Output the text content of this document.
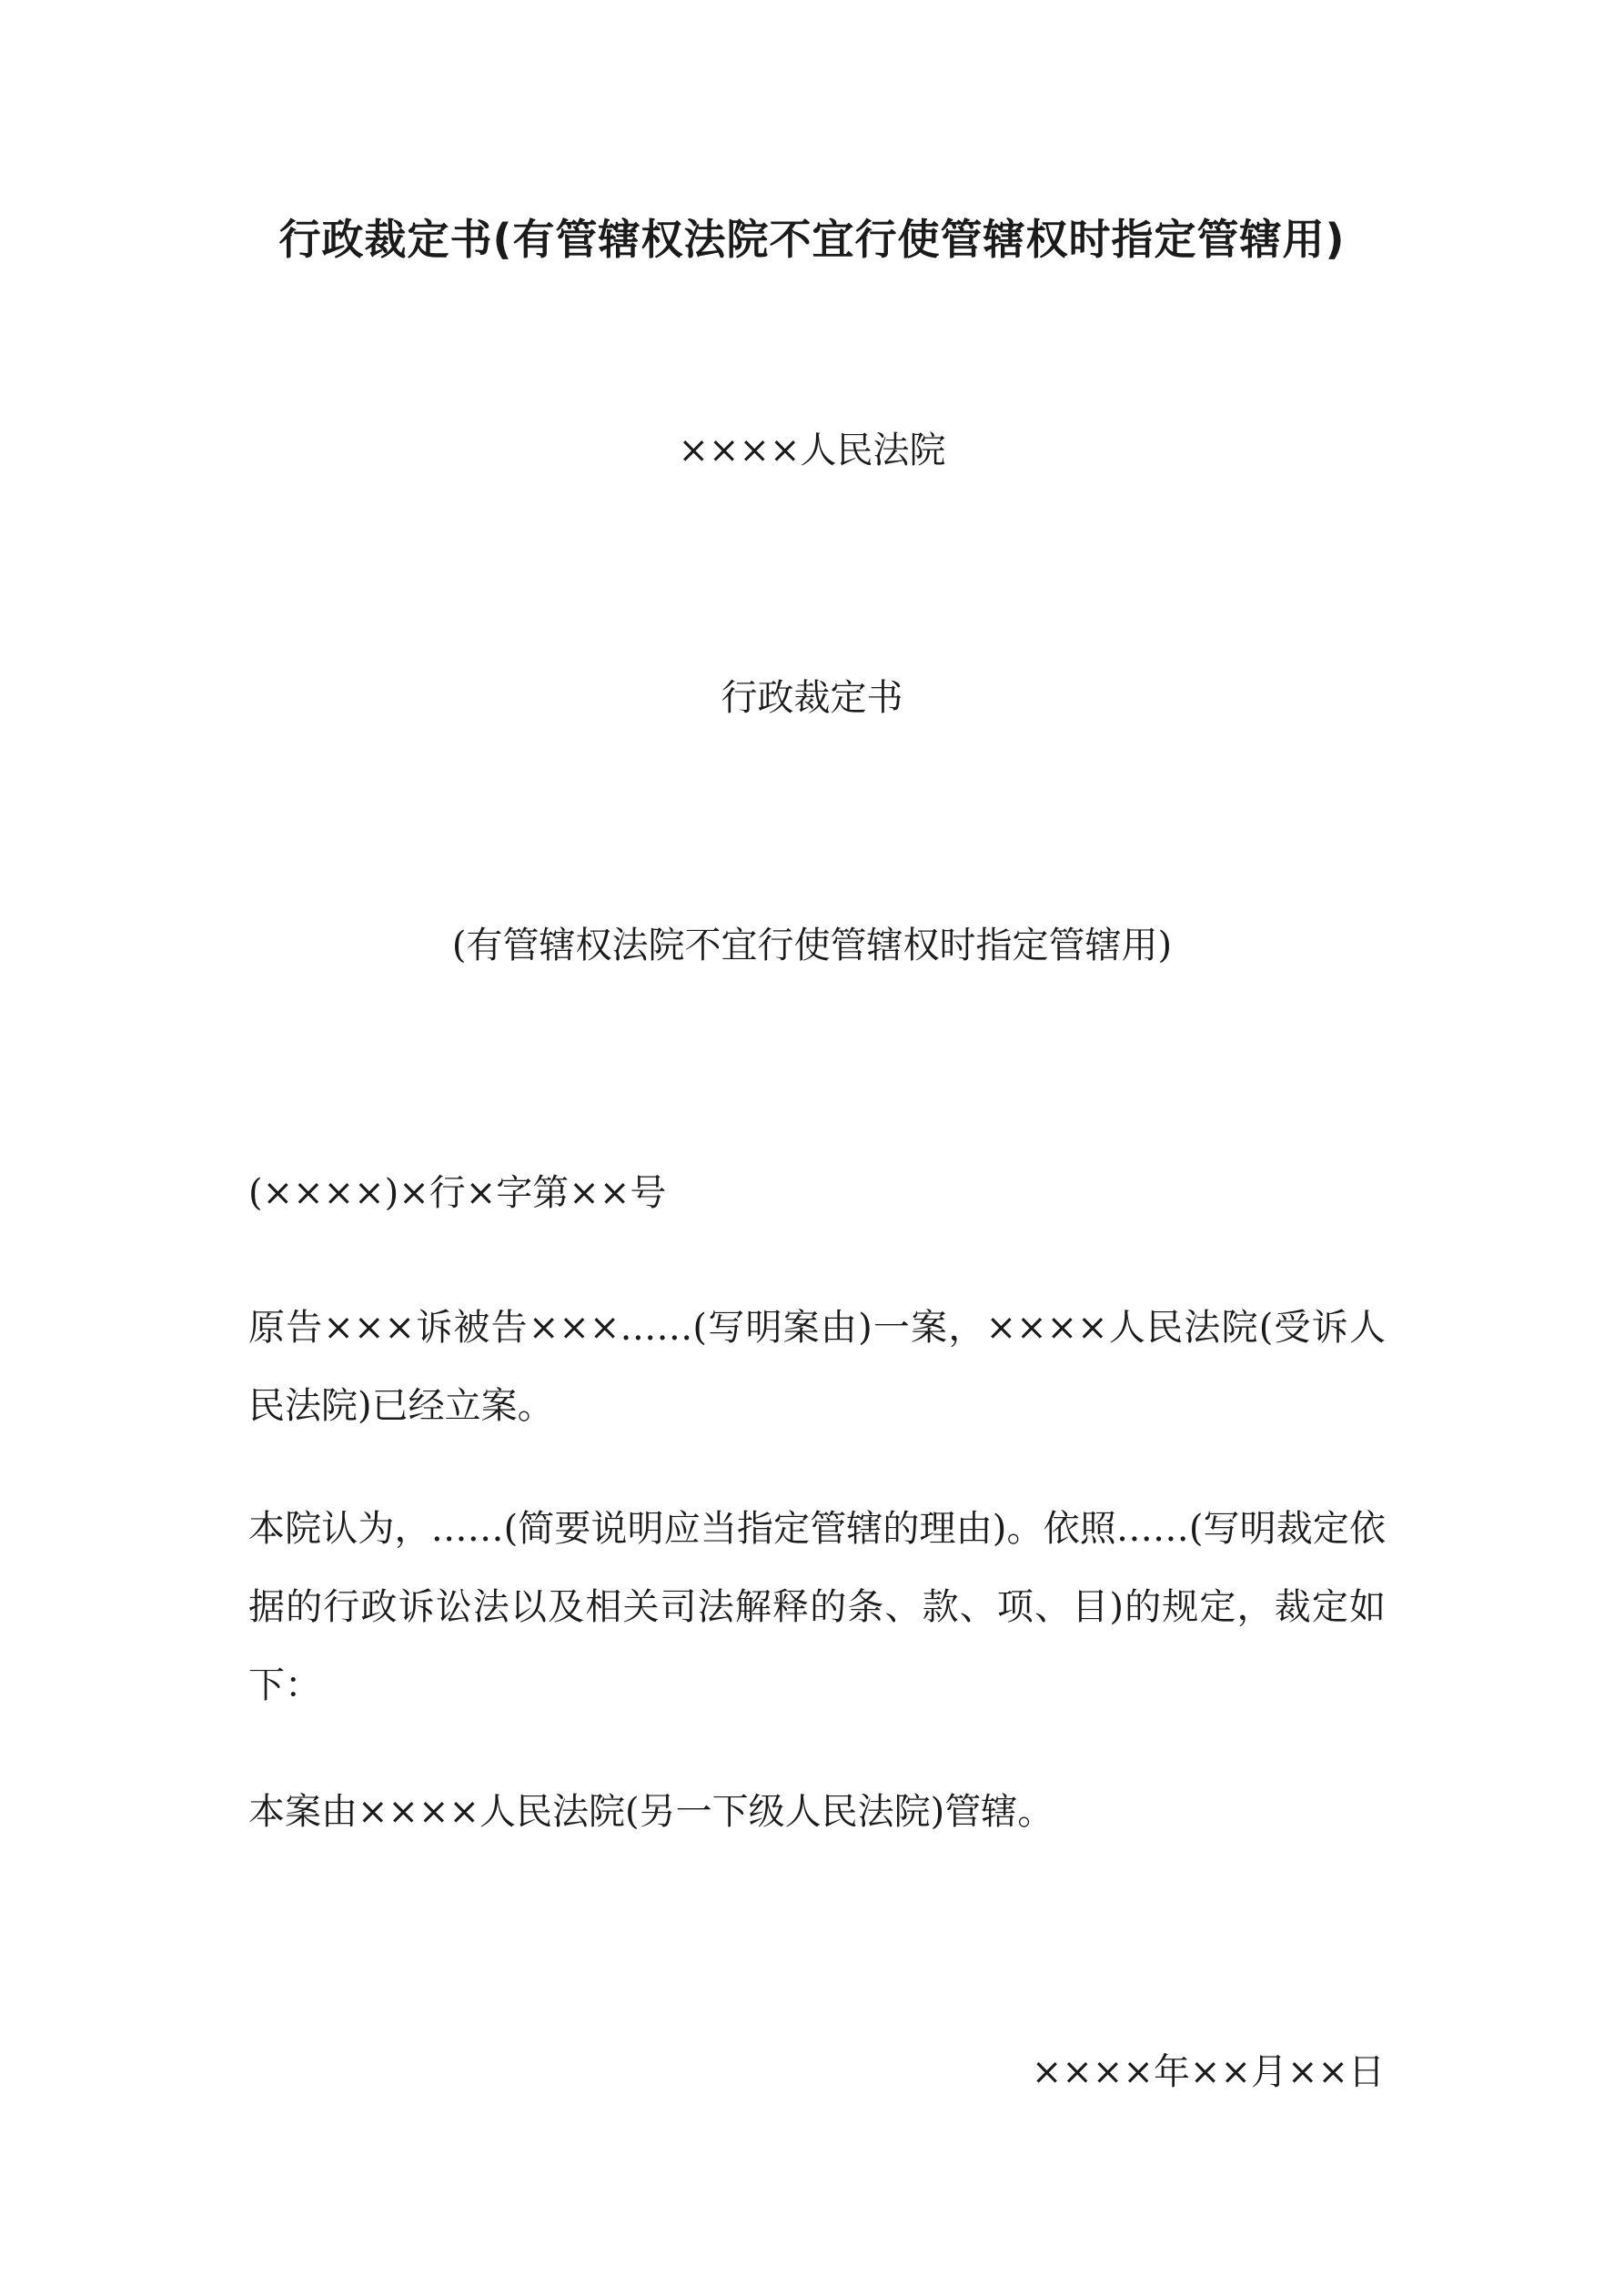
行政裁定书(有管辖权法院不宜行使管辖权时指定管辖用)

××××人民法院

行政裁定书

(有管辖权法院不宜行使管辖权时指定管辖用)

(××××)×行×字第××号

原告×××诉被告×××……(写明案由)一案，××××人民法院(受诉人民法院)已经立案。

本院认为，……(简要说明应当指定管辖的理由)。依照……(写明裁定依据的行政诉讼法以及相关司法解释的条、款、项、目)的规定，裁定如下：

本案由××××人民法院(另一下级人民法院)管辖。

××××年××月××日
